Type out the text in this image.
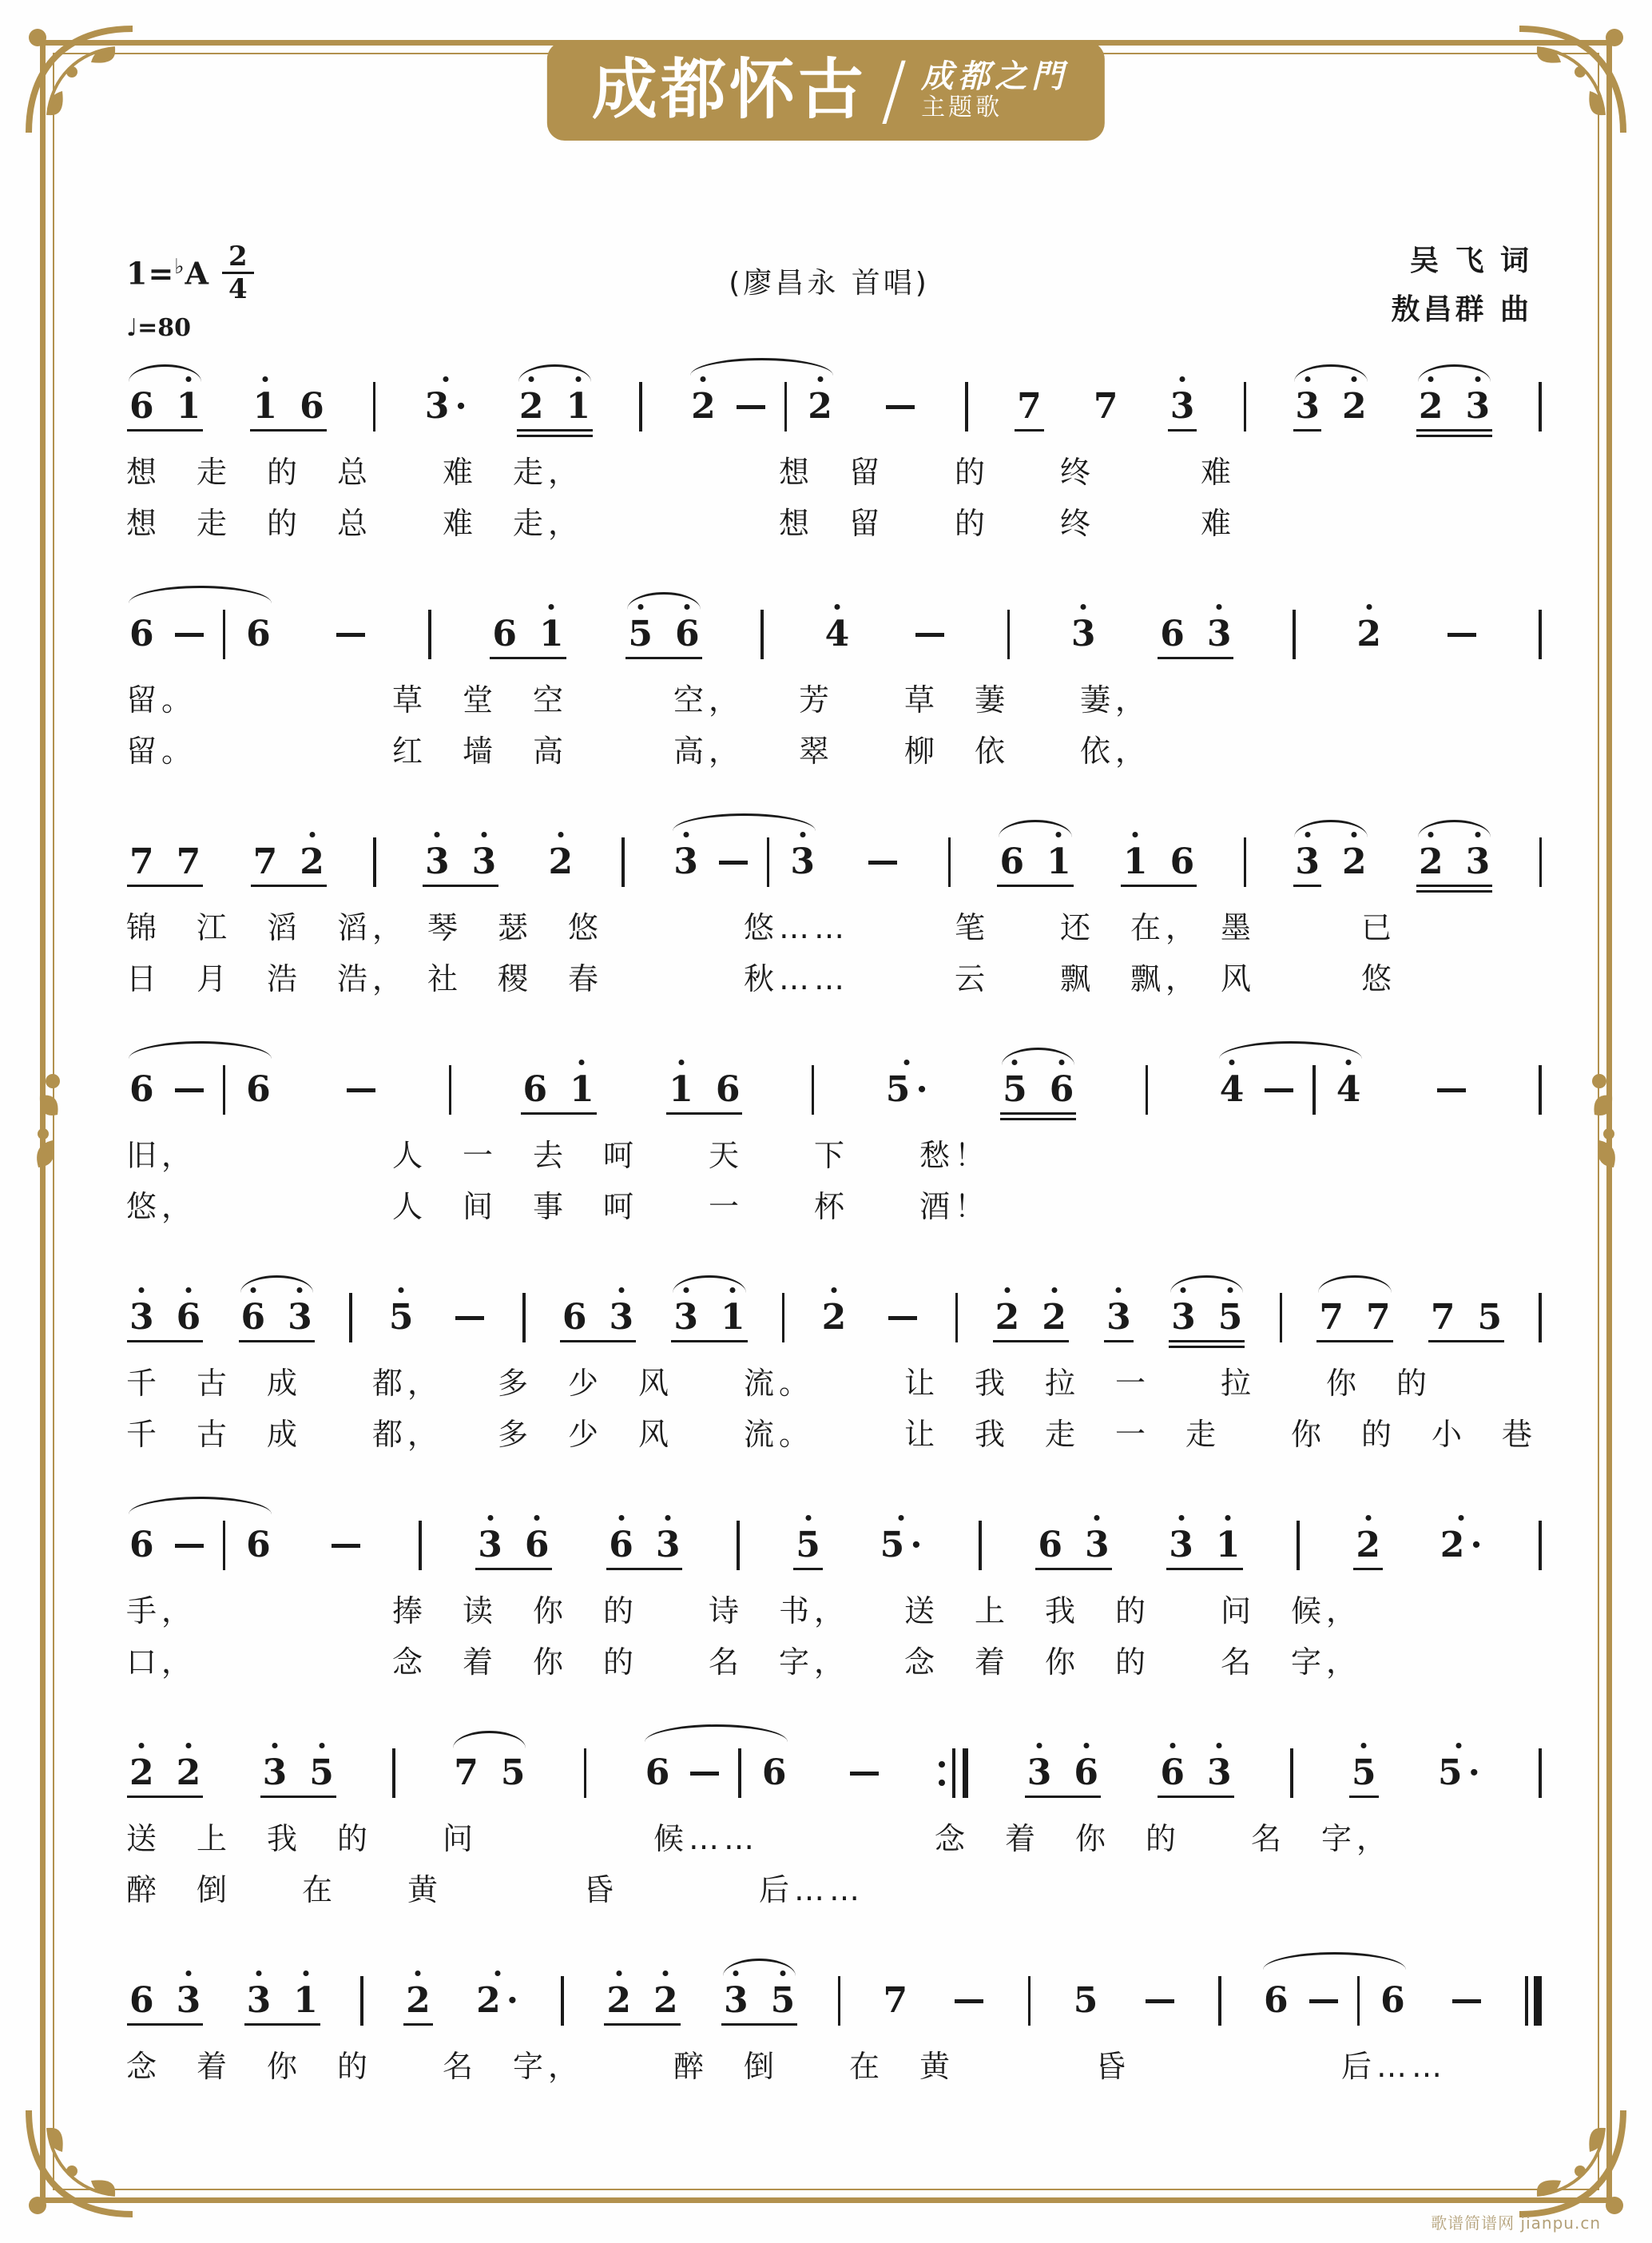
成都怀古 / 成都之門
主题歌
$1=^♭A \frac{2}{4}$
♩=80
(廖昌永 首唱)
吴 飞 词
敖昌群 曲
6 1 1 6	3 · 2 1	2	2	7 7 3	3 2 2 3
想　走　的　总　　难　走，　　　　　　想　留　　的　　终　　　难
想　走　的　总　　难　走，　　　　　　想　留　　的　　终　　　难
6	6	6 1 5 6	4	3 6 3	2
留。　　　　　　草　堂　空　　　空，　　芳　　草　萋　　萋，
留。　　　　　　红　墙　高　　　高，　　翠　　柳　依　　依，
7 7 7 2	3 3 2	3	3	6 1 1 6	3 2 2 3
锦　江　滔　滔，　琴　瑟　悠　　　　悠……　　　笔　　还　在，　墨　　　已
日　月　浩　浩，　社　稷　春　　　　秋……　　　云　　飘　飘，　风　　　悠
6	6	6 1 1 6	5 · 5 6	4	4
旧，　　　　　　人　一　去　呵　　天　　下　　愁！
悠，　　　　　　人　间　事　呵　　一　　杯　　酒！
3 6 6 3 5	6 3 3 1 2	2 2 3 3 5 7 7 7 5
千　古　成　　都，　　多　少　风　　流。　　　让　我　拉　一　　拉　　你　的
千　古　成　　都，　　多　少　风　　流。　　　让　我　走　一　走　　你　的　小　巷
6	6	3 6 6 3	5 5 ·	6 3 3 1	2 2 ·
手，　　　　　　捧　读　你　的　　诗　书，　　送　上　我　的　　问　候，
口，　　　　　　念　着　你　的　　名　字，　　念　着　你　的　　名　字，
2 2 3 5	7 5	6	6	3 6 6 3	5 5 ·
送　上　我　的　　问　　　　　候……　　　　　念　着　你　的　　名　字，
醉　倒　　在　　黄　　　　昏　　　　后……
6 3 3 1	2 2 ·	2 2 3 5	7	5	6	6
念　着　你　的　　名　字，　　　醉　倒　　在　黄　　　　昏　　　　　　后……
歌谱简谱网 jianpu.cn
